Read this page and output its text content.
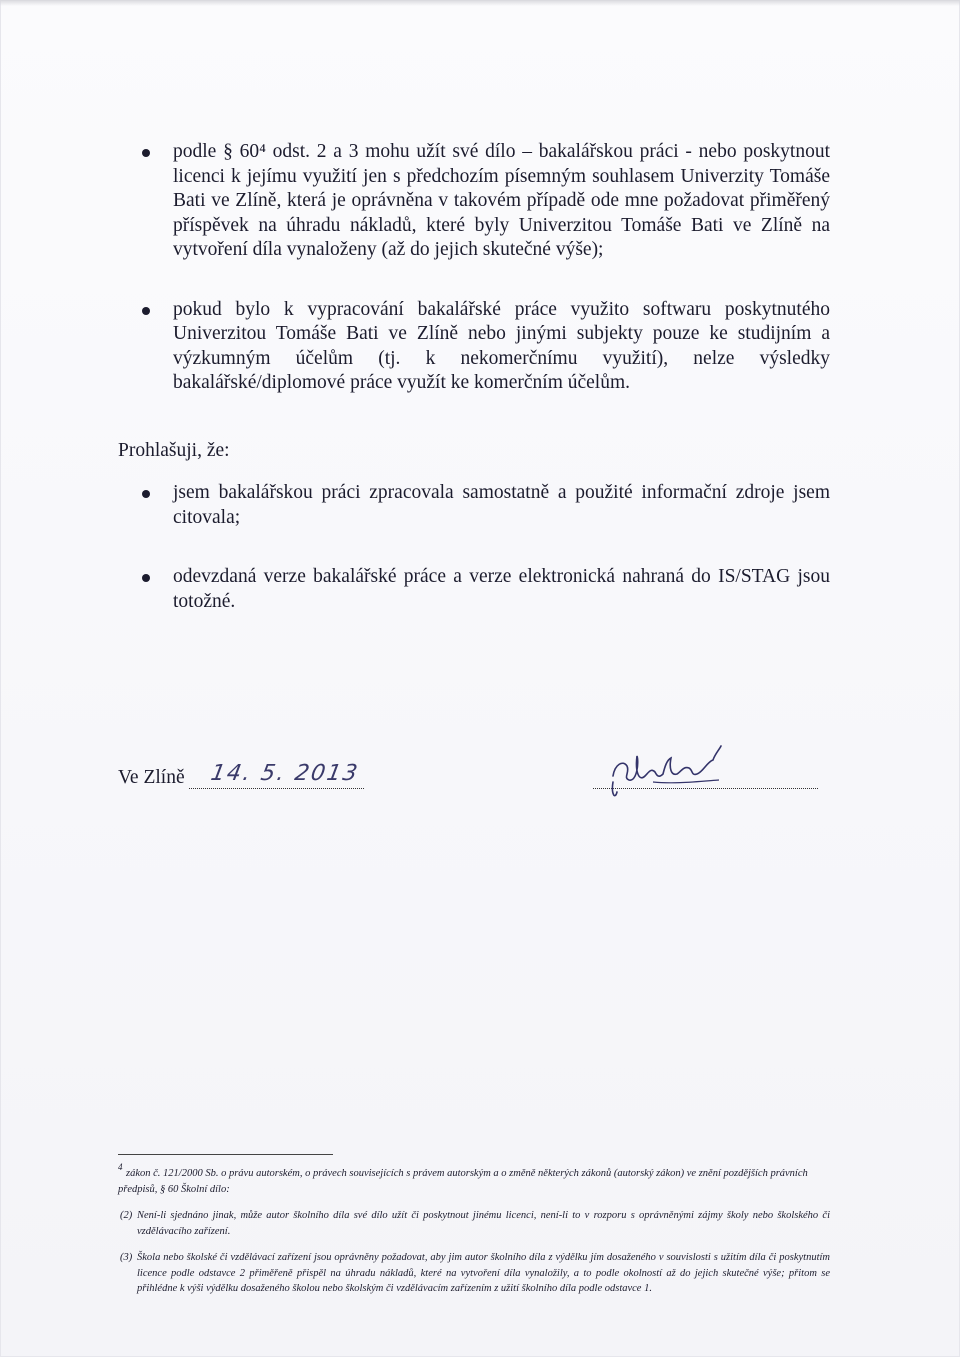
podle § 60⁴ odst. 2 a 3 mohu užít své dílo – bakalářskou práci - nebo poskytnout licenci k jejímu využití jen s předchozím písemným souhlasem Univerzity Tomáše Bati ve Zlíně, která je oprávněna v takovém případě ode mne požadovat přiměřený příspěvek na úhradu nákladů, které byly Univerzitou Tomáše Bati ve Zlíně na vytvoření díla vynaloženy (až do jejich skutečné výše);
pokud bylo k vypracování bakalářské práce využito softwaru poskytnutého Univerzitou Tomáše Bati ve Zlíně nebo jinými subjekty pouze ke studijním a výzkumným účelům (tj. k nekomerčnímu využití), nelze výsledky bakalářské/diplomové práce využít ke komerčním účelům.
Prohlašuji, že:
jsem bakalářskou práci zpracovala samostatně a použité informační zdroje jsem citovala;
odevzdaná verze bakalářské práce a verze elektronická nahraná do IS/STAG jsou totožné.
Ve Zlíně 14. 5. 2013
4

zákon č. 121/2000 Sb. o právu autorském, o právech souvisejících s právem autorským a o změně některých zákonů (autorský zákon) ve znění pozdějších právních předpisů, § 60 Školní dílo:

(2) Není-li sjednáno jinak, může autor školního díla své dílo užít či poskytnout jinému licenci, není-li to v rozporu s oprávněnými zájmy školy nebo školského či vzdělávacího zařízení.

(3) Škola nebo školské či vzdělávací zařízení jsou oprávněny požadovat, aby jim autor školního díla z výdělku jím dosaženého v souvislosti s užitím díla či poskytnutím licence podle odstavce 2 přiměřeně přispěl na úhradu nákladů, které na vytvoření díla vynaložily, a to podle okolností až do jejich skutečné výše; přitom se přihlédne k výši výdělku dosaženého školou nebo školským či vzdělávacím zařízením z užití školního díla podle odstavce 1.
